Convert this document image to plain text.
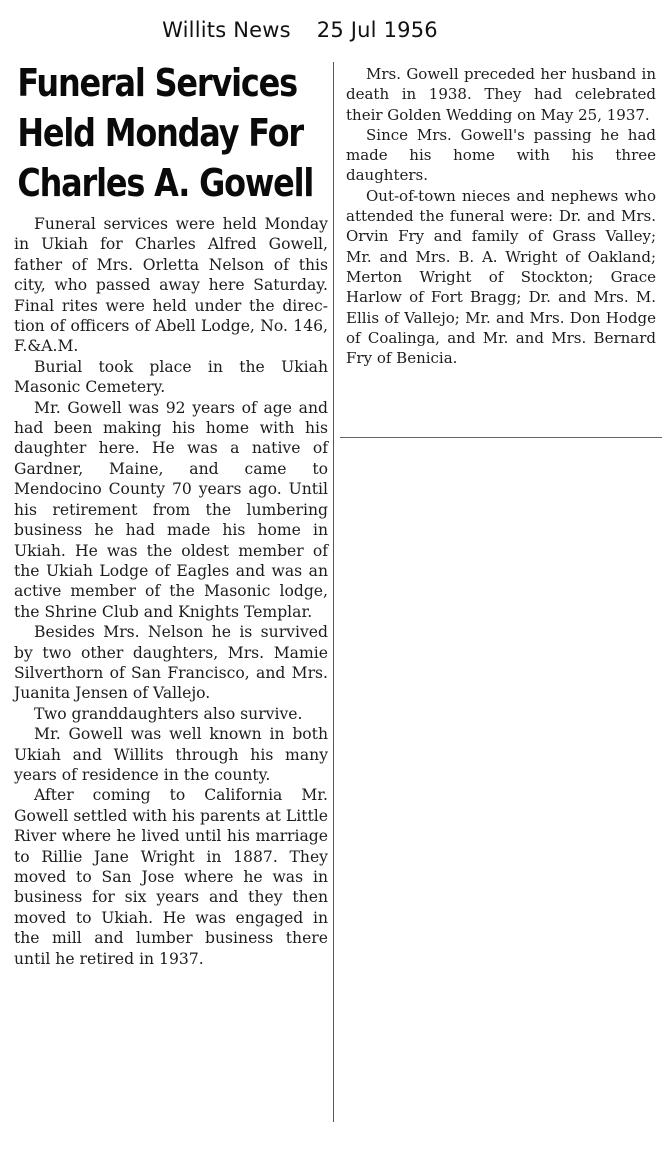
Willits News 25 Jul 1956
Funeral Services
Held Monday For
Charles A. Gowell

Funeral services were held Monday in Ukiah for Charles Alfred Gowell, father of Mrs. Orletta Nelson of this city, who passed away here Saturday. Final rites were held under the direction of officers of Abell Lodge, No. 146, F.&A.M.

Burial took place in the Ukiah Masonic Cemetery.

Mr. Gowell was 92 years of age and had been making his home with his daughter here. He was a native of Gardner, Maine, and came to Mendocino County 70 years ago. Until his retirement from the lumbering business he had made his home in Ukiah. He was the oldest member of the Ukiah Lodge of Eagles and was an active member of the Masonic lodge, the Shrine Club and Knights Templar.

Besides Mrs. Nelson he is survived by two other daughters, Mrs. Mamie Silverthorn of San Francisco, and Mrs. Juanita Jensen of Vallejo.

Two granddaughters also survive.

Mr. Gowell was well known in both Ukiah and Willits through his many years of residence in the county.

After coming to California Mr. Gowell settled with his parents at Little River where he lived until his marriage to Rillie Jane Wright in 1887. They moved to San Jose where he was in business for six years and they then moved to Ukiah. He was engaged in the mill and lumber business there until he retired in 1937.

Mrs. Gowell preceded her husband in death in 1938. They had celebrated their Golden Wedding on May 25, 1937.

Since Mrs. Gowell's passing he had made his home with his three daughters.

Out-of-town nieces and nephews who attended the funeral were: Dr. and Mrs. Orvin Fry and family of Grass Valley; Mr. and Mrs. B. A. Wright of Oakland; Merton Wright of Stockton; Grace Harlow of Fort Bragg; Dr. and Mrs. M. Ellis of Vallejo; Mr. and Mrs. Don Hodge of Coalinga, and Mr. and Mrs. Bernard Fry of Benicia.
